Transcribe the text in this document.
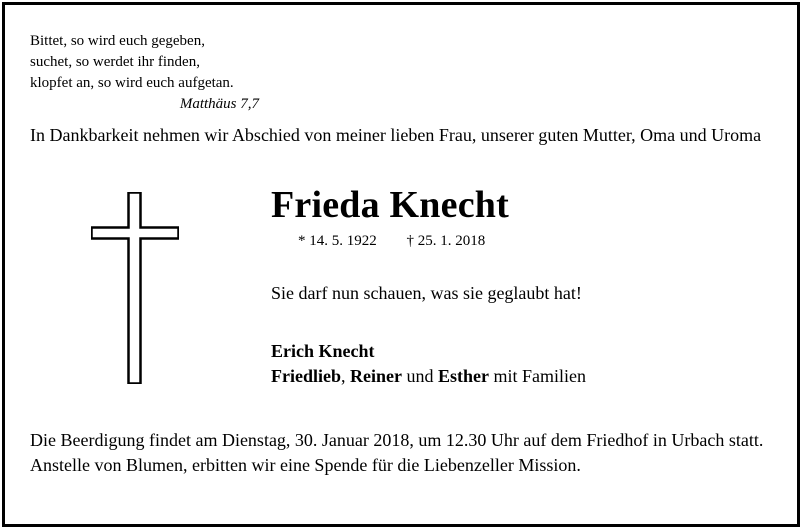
Bittet, so wird euch gegeben,
suchet, so werdet ihr finden,
klopfet an, so wird euch aufgetan.
Matthäus 7,7
In Dankbarkeit nehmen wir Abschied von meiner lieben Frau, unserer guten Mutter, Oma und Uroma
Frieda Knecht
* 14. 5. 1922 † 25. 1. 2018
Sie darf nun schauen, was sie geglaubt hat!
Erich Knecht
Friedlieb, Reiner und Esther mit Familien
Die Beerdigung findet am Dienstag, 30. Januar 2018, um 12.30 Uhr auf dem Friedhof in Urbach statt.
Anstelle von Blumen, erbitten wir eine Spende für die Liebenzeller Mission.
